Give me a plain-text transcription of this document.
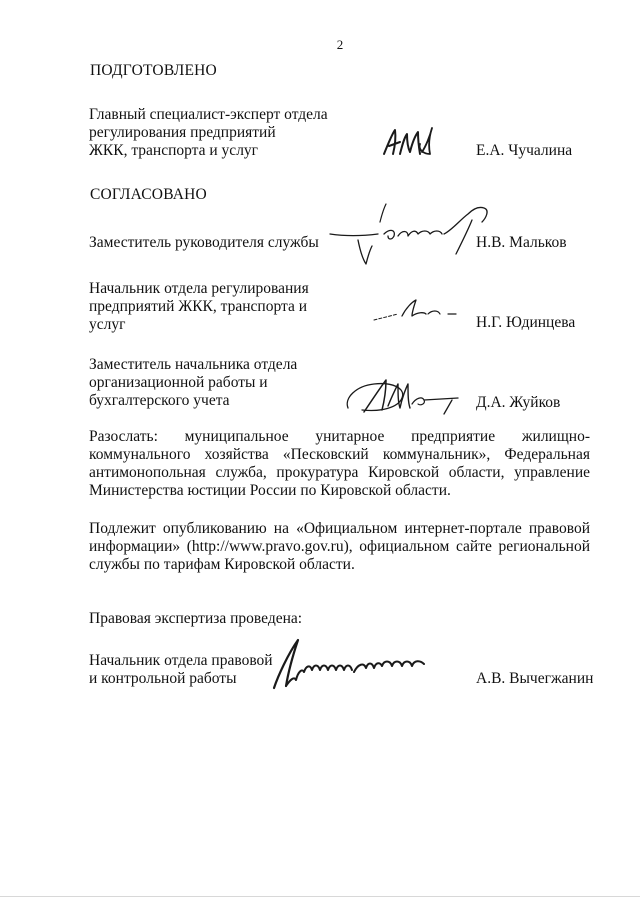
2
ПОДГОТОВЛЕНО
Главный специалист-эксперт отдела
регулирования предприятий
ЖКК, транспорта и услуг	Е.А. Чучалина
СОГЛАСОВАНО
Заместитель руководителя службы	Н.В. Мальков
Начальник отдела регулирования
предприятий ЖКК, транспорта и
услуг	Н.Г. Юдинцева
Заместитель начальника отдела
организационной работы и
бухгалтерского учета	Д.А. Жуйков
Разослать: муниципальное унитарное предприятие жилищно-коммунального хозяйства «Песковский коммунальник», Федеральная антимонопольная служба, прокуратура Кировской области, управление Министерства юстиции России по Кировской области.
Подлежит опубликованию на «Официальном интернет-портале правовой информации» (http://www.pravo.gov.ru), официальном сайте региональной службы по тарифам Кировской области.
Правовая экспертиза проведена:
Начальник отдела правовой
и контрольной работы	А.В. Вычегжанин
